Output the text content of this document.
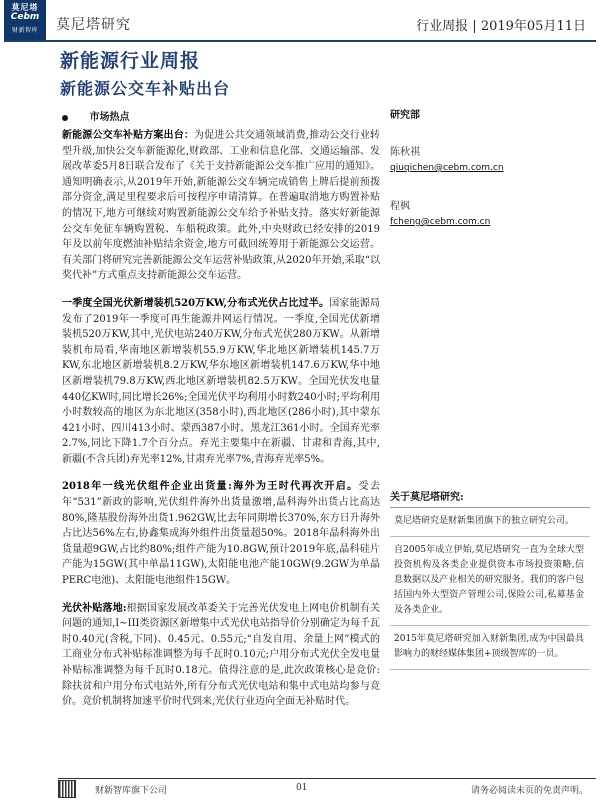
莫尼塔
Cebm
财新智库	莫尼塔研究	行业周报 | 2019年05月11日
新能源行业周报
新能源公交车补贴出台
市场热点

新能源公交车补贴方案出台：为促进公共交通领域消费,推动公交行业转型升级,加快公交车新能源化,财政部、工业和信息化部、交通运输部、发展改革委5月8日联合发布了《关于支持新能源公交车推广应用的通知》。通知明确表示,从2019年开始,新能源公交车辆完成销售上牌后提前预拨部分资金,满足里程要求后可按程序申请清算。在普遍取消地方购置补贴的情况下,地方可继续对购置新能源公交车给予补贴支持。落实好新能源公交车免征车辆购置税、车船税政策。此外,中央财政已经安排的2019年及以前年度燃油补贴结余资金,地方可截回统筹用于新能源公交运营。有关部门将研究完善新能源公交车运营补贴政策,从2020年开始,采取“以奖代补”方式重点支持新能源公交车运营。

一季度全国光伏新增装机520万KW,分布式光伏占比过半。国家能源局发布了2019年一季度可再生能源并网运行情况。一季度,全国光伏新增装机520万KW,其中,光伏电站240万KW,分布式光伏280万KW。从新增装机布局看,华南地区新增装机55.9万KW,华北地区新增装机145.7万KW,东北地区新增装机8.2万KW,华东地区新增装机147.6万KW,华中地区新增装机79.8万KW,西北地区新增装机82.5万KW。全国光伏发电量440亿KW时,同比增长26%;全国光伏平均利用小时数240小时;平均利用小时数较高的地区为东北地区(358小时),西北地区(286小时),其中蒙东421小时、四川413小时、蒙西387小时、黑龙江361小时。全国弃光率2.7%,同比下降1.7个百分点。弃光主要集中在新疆、甘肃和青海,其中,新疆(不含兵团)弃光率12%,甘肃弃光率7%,青海弃光率5%。

2018年一线光伏组件企业出货量:海外为王时代再次开启。受去年“531”新政的影响,光伏组件海外出货量激增,晶科海外出货占比高达80%,隆基股份海外出货1.962GW,比去年同期增长370%,东方日升海外占比达56%左右,协鑫集成海外组件出货量超50%。2018年晶科海外出货量超9GW,占比约80%;组件产能为10.8GW,预计2019年底,晶科硅片产能为15GW(其中单晶11GW),太阳能电池产能10GW(9.2GW为单晶PERC电池)、太阳能电池组件15GW。

光伏补贴落地:根据国家发展改革委关于完善光伏发电上网电价机制有关问题的通知,I~III类资源区新增集中式光伏电站指导价分别确定为每千瓦时0.40元(含税,下同)、0.45元、0.55元;“自发自用、余量上网”模式的工商业分布式补贴标准调整为每千瓦时0.10元;户用分布式光伏全发电量补贴标准调整为每千瓦时0.18元。值得注意的是,此次政策核心是竞价:除扶贫和户用分布式电站外,所有分布式光伏电站和集中式电站均参与竞价。竞价机制将加速平价时代到来,光伏行业迈向全面无补贴时代。

研究部
陈秋祺
qiuqichen@cebm.com.cn
程枫
fcheng@cebm.com.cn
关于莫尼塔研究:
莫尼塔研究是财新集团旗下的独立研究公司。
自2005年成立伊始,莫尼塔研究一直为全球大型投资机构及各类企业提供资本市场投资策略,信息数据以及产业相关的研究服务。我们的客户包括国内外大型资产管理公司,保险公司,私募基金及各类企业。
2015年莫尼塔研究加入财新集团,成为中国最具影响力的财经媒体集团+顶级智库的一员。
财新智库旗下公司	01	请务必阅读末页的免责声明。
